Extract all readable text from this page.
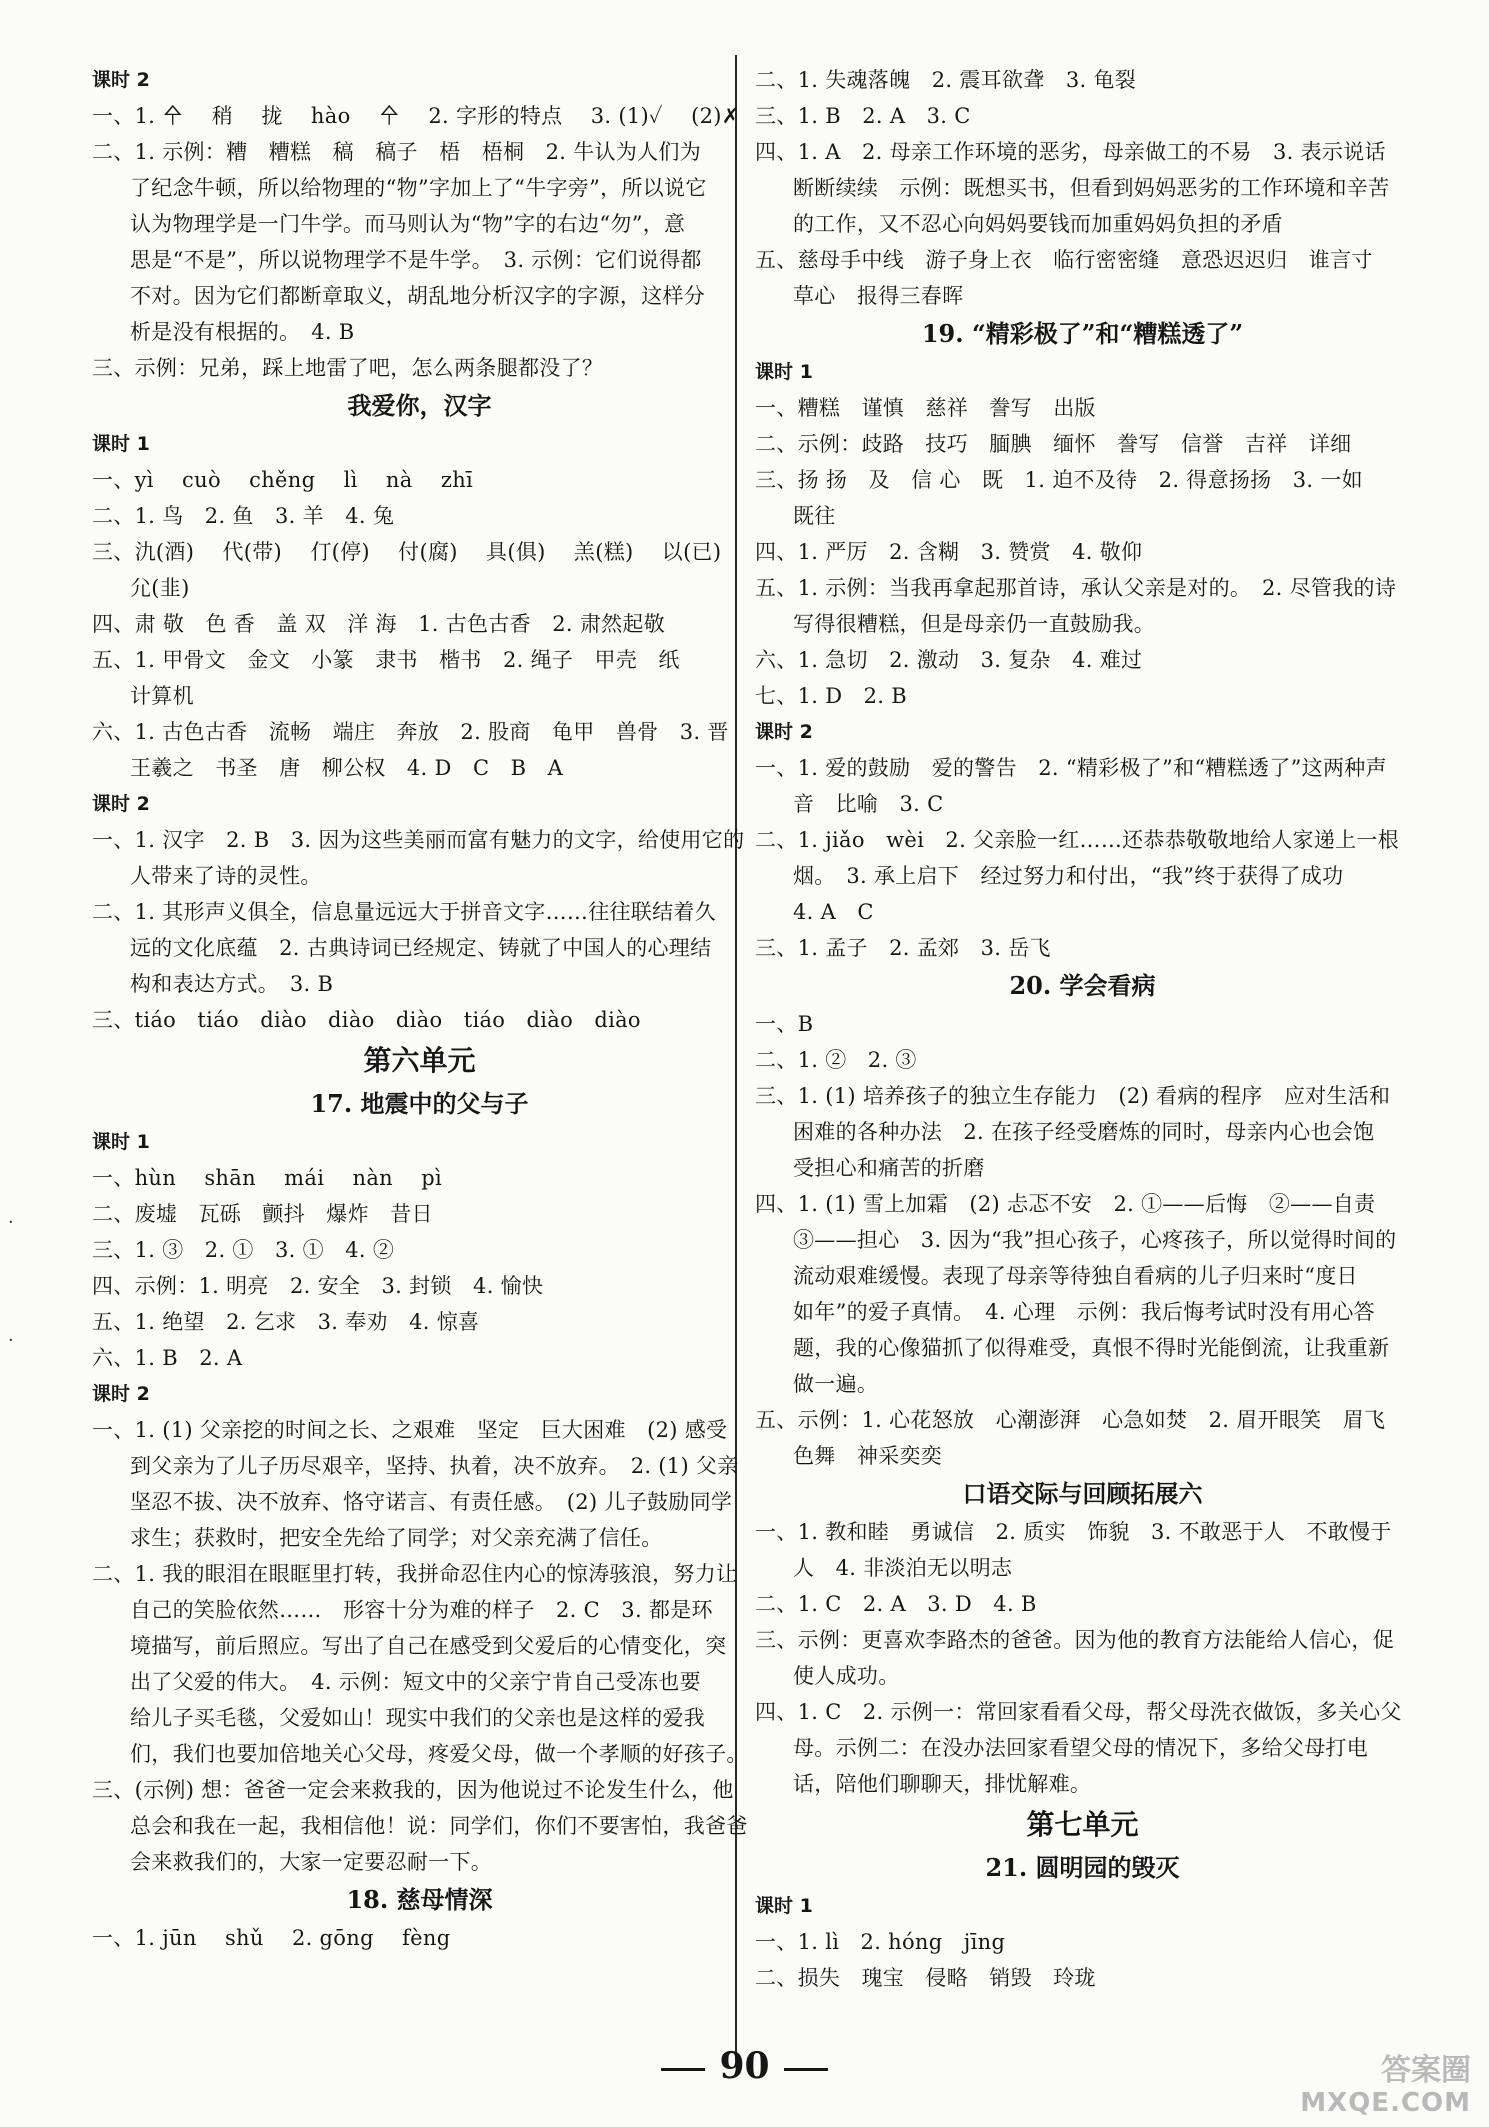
课时 2
一、1. 㐃　 稍　 拢　 hào　 㐃　 2. 字形的特点　 3. (1)✓　 (2)✗
二、1. 示例：糟　糟糕　稿　稿子　梧　梧桐　2. 牛认为人们为
了纪念牛顿，所以给物理的“物”字加上了“牛字旁”，所以说它
认为物理学是一门牛学。而马则认为“物”字的右边“勿”，意
思是“不是”，所以说物理学不是牛学。　3. 示例：它们说得都
不对。因为它们都断章取义，胡乱地分析汉字的字源，这样分
析是没有根据的。　4. B
三、示例：兄弟，踩上地雷了吧，怎么两条腿都没了？
我爱你，汉字
课时 1
一、yì　 cuò　 chěng　 lì　 nà　 zhī
二、1. 鸟　2. 鱼　3. 羊　4. 兔
三、氿(酒)　 代(带)　 仃(停)　 付(腐)　 具(俱)　 羔(糕)　 以(已)
尣(韭)
四、肃 敬　色 香　盖 双　洋 海　1. 古色古香　2. 肃然起敬
五、1. 甲骨文　金文　小篆　隶书　楷书　2. 绳子　甲壳　纸
计算机
六、1. 古色古香　流畅　端庄　奔放　2. 股商　龟甲　兽骨　3. 晋
王羲之　书圣　唐　柳公权　4. D　C　B　A
课时 2
一、1. 汉字　2. B　3. 因为这些美丽而富有魅力的文字，给使用它的
人带来了诗的灵性。
二、1. 其形声义俱全，信息量远远大于拼音文字……往往联结着久
远的文化底蕴　2. 古典诗词已经规定、铸就了中国人的心理结
构和表达方式。　3. B
三、tiáo　tiáo　diào　diào　diào　tiáo　diào　diào
第六单元
17. 地震中的父与子
课时 1
一、hùn　 shān　 mái　 nàn　 pì
二、废墟　瓦砾　颤抖　爆炸　昔日
三、1. ③　2. ①　3. ①　4. ②
四、示例：1. 明亮　2. 安全　3. 封锁　4. 愉快
五、1. 绝望　2. 乞求　3. 奉劝　4. 惊喜
六、1. B　2. A
课时 2
一、1. (1) 父亲挖的时间之长、之艰难　坚定　巨大困难　(2) 感受
到父亲为了儿子历尽艰辛，坚持、执着，决不放弃。　2. (1) 父亲
坚忍不拔、决不放弃、恪守诺言、有责任感。　(2) 儿子鼓励同学
求生；获救时，把安全先给了同学；对父亲充满了信任。
二、1. 我的眼泪在眼眶里打转，我拼命忍住内心的惊涛骇浪，努力让
自己的笑脸依然……　形容十分为难的样子　2. C　3. 都是环
境描写，前后照应。写出了自己在感受到父爱后的心情变化，突
出了父爱的伟大。　4. 示例：短文中的父亲宁肯自己受冻也要
给儿子买毛毯，父爱如山！现实中我们的父亲也是这样的爱我
们，我们也要加倍地关心父母，疼爱父母，做一个孝顺的好孩子。
三、(示例) 想：爸爸一定会来救我的，因为他说过不论发生什么，他
总会和我在一起，我相信他！说：同学们，你们不要害怕，我爸爸
会来救我们的，大家一定要忍耐一下。
18. 慈母情深
一、1. jūn　 shǔ　 2. gōng　 fèng
二、1. 失魂落魄　2. 震耳欲聋　3. 龟裂
三、1. B　2. A　3. C
四、1. A　2. 母亲工作环境的恶劣，母亲做工的不易　3. 表示说话
断断续续　示例：既想买书，但看到妈妈恶劣的工作环境和辛苦
的工作，又不忍心向妈妈要钱而加重妈妈负担的矛盾
五、慈母手中线　游子身上衣　临行密密缝　意恐迟迟归　谁言寸
草心　报得三春晖
19. “精彩极了”和“糟糕透了”
课时 1
一、糟糕　谨慎　慈祥　誊写　出版
二、示例：歧路　技巧　腼腆　缅怀　誊写　信誉　吉祥　详细
三、扬 扬　及　信 心　既　1. 迫不及待　2. 得意扬扬　3. 一如
既往
四、1. 严厉　2. 含糊　3. 赞赏　4. 敬仰
五、1. 示例：当我再拿起那首诗，承认父亲是对的。　2. 尽管我的诗
写得很糟糕，但是母亲仍一直鼓励我。
六、1. 急切　2. 激动　3. 复杂　4. 难过
七、1. D　2. B
课时 2
一、1. 爱的鼓励　爱的警告　2. “精彩极了”和“糟糕透了”这两种声
音　比喻　3. C
二、1. jiǎo　wèi　2. 父亲脸一红……还恭恭敬敬地给人家递上一根
烟。　3. 承上启下　经过努力和付出，“我”终于获得了成功
4. A　C
三、1. 孟子　2. 孟郊　3. 岳飞
20. 学会看病
一、B
二、1. ②　2. ③
三、1. (1) 培养孩子的独立生存能力　(2) 看病的程序　应对生活和
困难的各种办法　2. 在孩子经受磨炼的同时，母亲内心也会饱
受担心和痛苦的折磨
四、1. (1) 雪上加霜　(2) 忐忑不安　2. ①——后悔　②——自责
③——担心　3. 因为“我”担心孩子，心疼孩子，所以觉得时间的
流动艰难缓慢。表现了母亲等待独自看病的儿子归来时“度日
如年”的爱子真情。　4. 心理　示例：我后悔考试时没有用心答
题，我的心像猫抓了似得难受，真恨不得时光能倒流，让我重新
做一遍。
五、示例：1. 心花怒放　心潮澎湃　心急如焚　2. 眉开眼笑　眉飞
色舞　神采奕奕
口语交际与回顾拓展六
一、1. 教和睦　勇诚信　2. 质实　饰貌　3. 不敢恶于人　不敢慢于
人　4. 非淡泊无以明志
二、1. C　2. A　3. D　4. B
三、示例：更喜欢李路杰的爸爸。因为他的教育方法能给人信心，促
使人成功。
四、1. C　2. 示例一：常回家看看父母，帮父母洗衣做饭，多关心父
母。示例二：在没办法回家看望父母的情况下，多给父母打电
话，陪他们聊聊天，排忧解难。
第七单元
21. 圆明园的毁灭
课时 1
一、1. lì　2. hóng　jīng
二、损失　瑰宝　侵略　销毁　玲珑
·
·
90	答案圈
MXQE.COM
